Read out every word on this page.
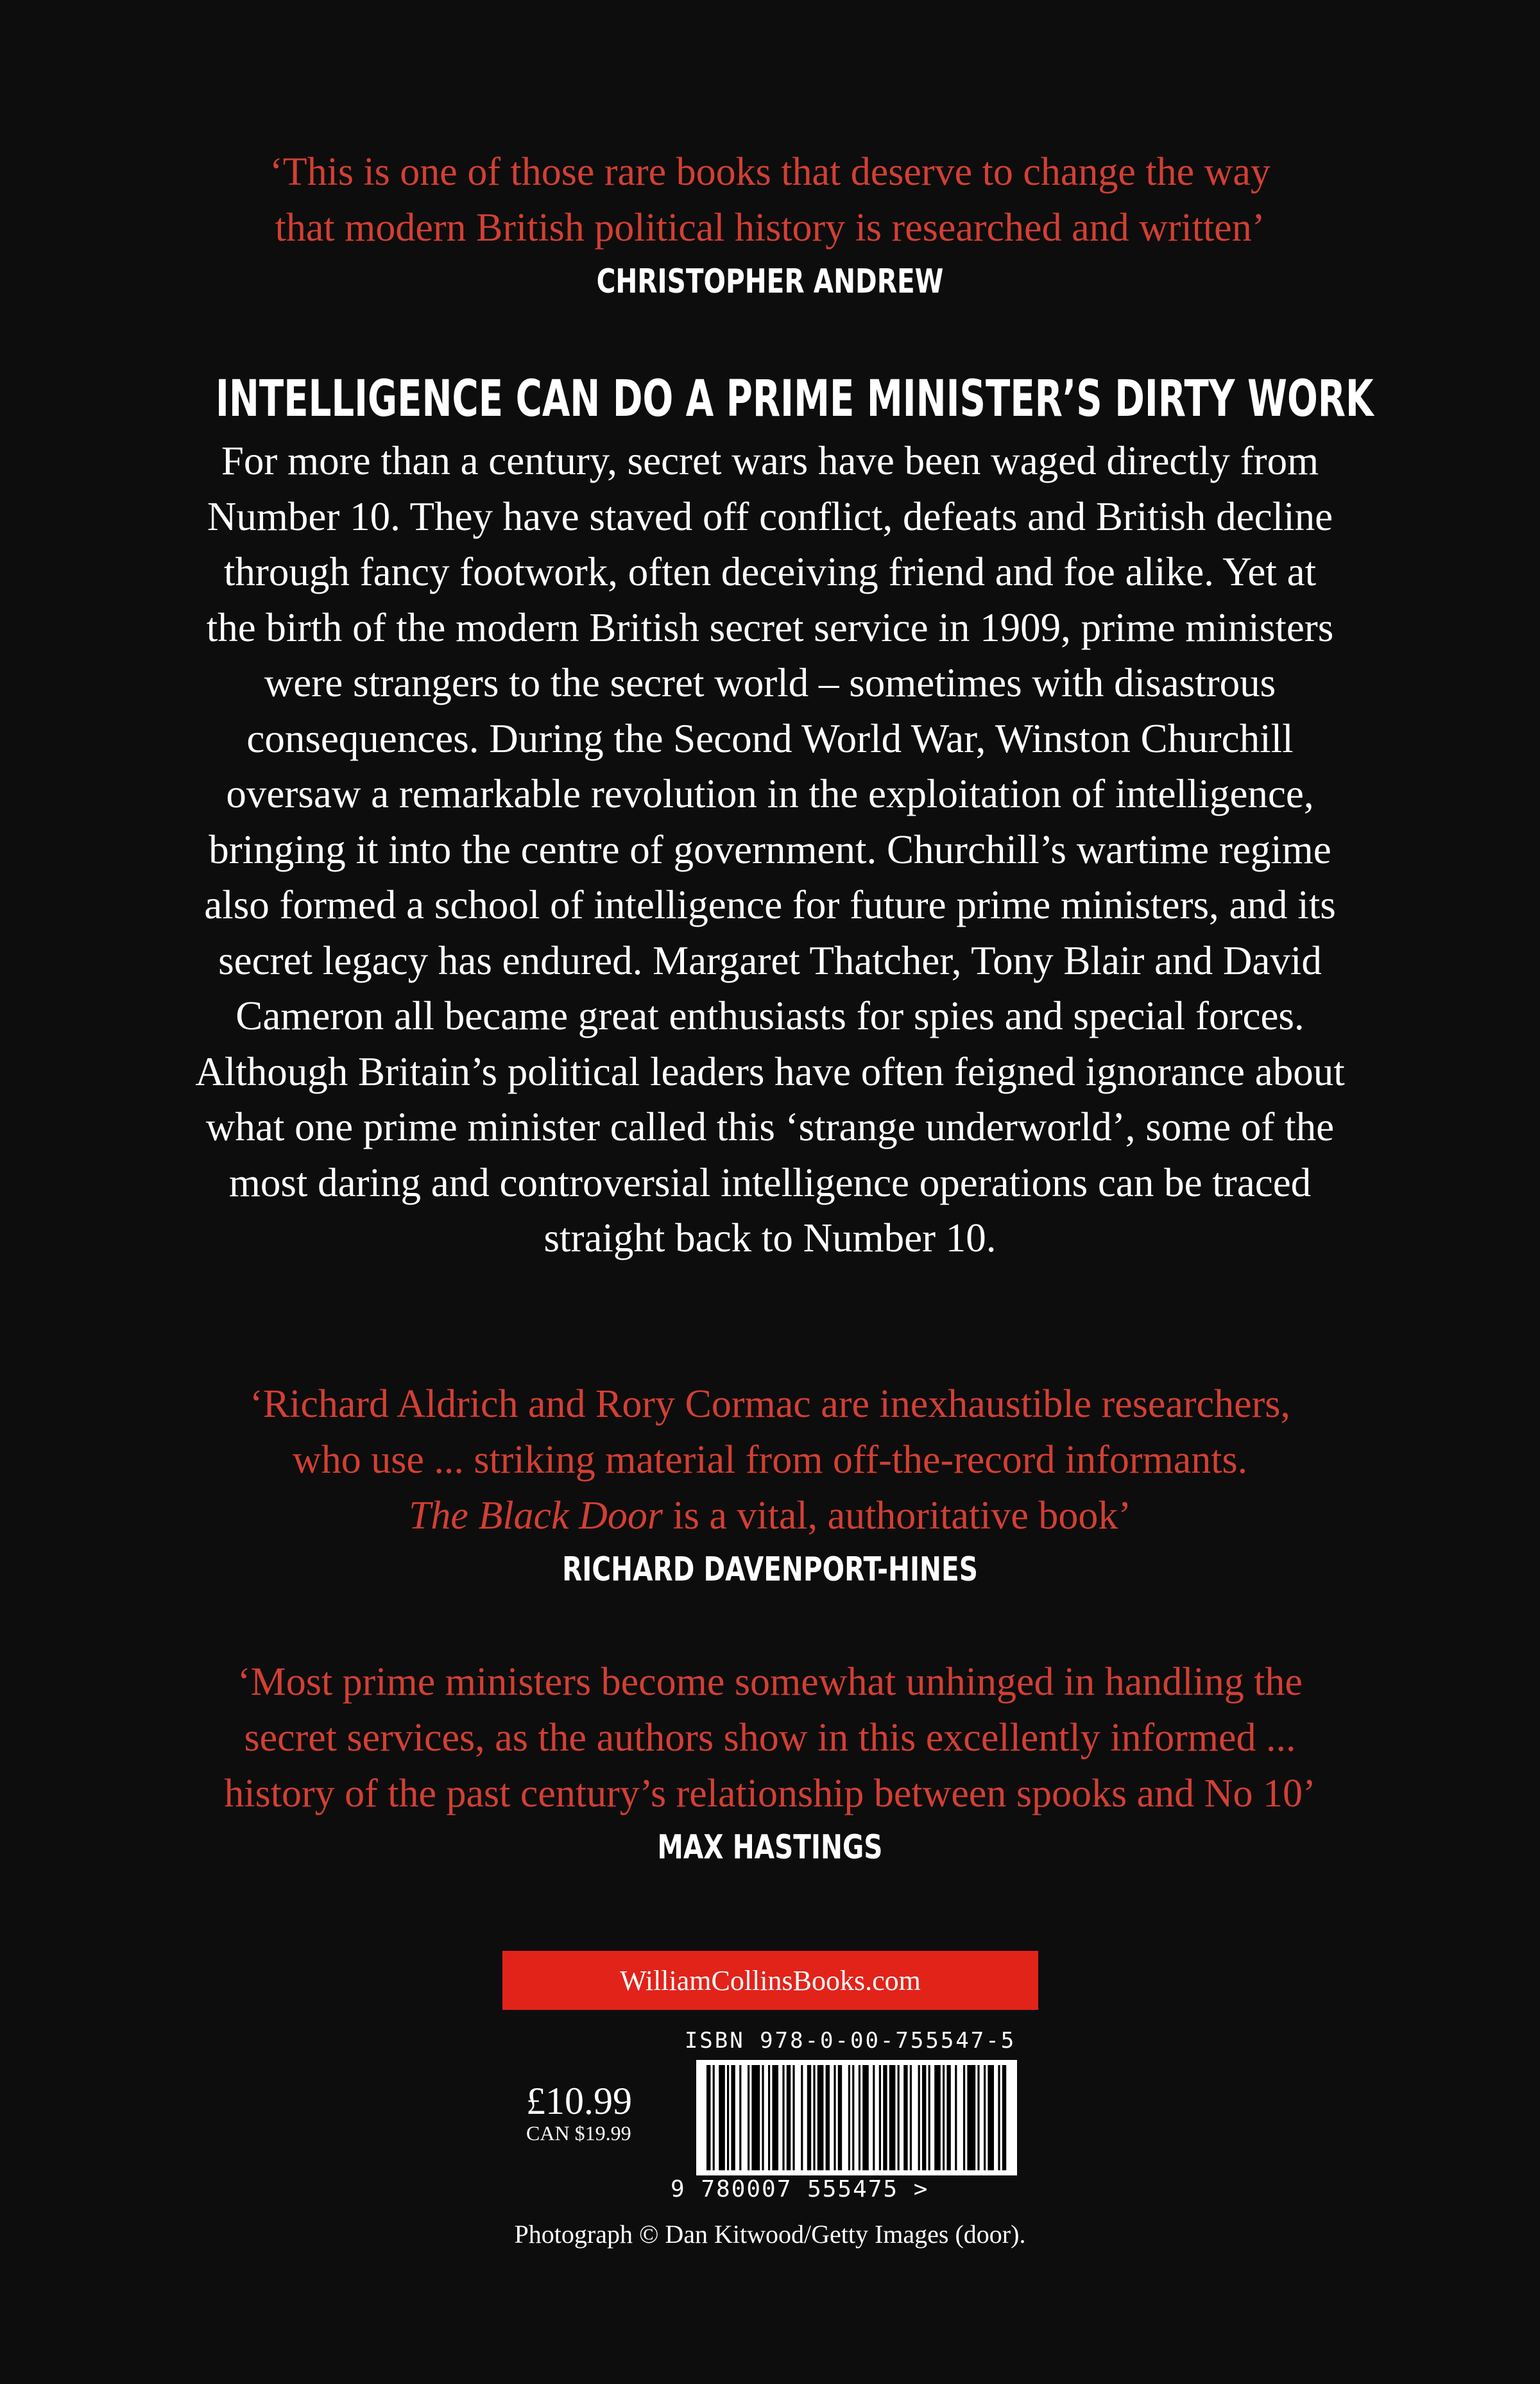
‘This is one of those rare books that deserve to change the way

that modern British political history is researched and written’

CHRISTOPHER ANDREW
INTELLIGENCE CAN DO A PRIME MINISTER’S DIRTY WORK

For more than a century, secret wars have been waged directly from

Number 10. They have staved off conflict, defeats and British decline

through fancy footwork, often deceiving friend and foe alike. Yet at

the birth of the modern British secret service in 1909, prime ministers

were strangers to the secret world – sometimes with disastrous

consequences. During the Second World War, Winston Churchill

oversaw a remarkable revolution in the exploitation of intelligence,

bringing it into the centre of government. Churchill’s wartime regime

also formed a school of intelligence for future prime ministers, and its

secret legacy has endured. Margaret Thatcher, Tony Blair and David

Cameron all became great enthusiasts for spies and special forces.

Although Britain’s political leaders have often feigned ignorance about

what one prime minister called this ‘strange underworld’, some of the

most daring and controversial intelligence operations can be traced

straight back to Number 10.

‘Richard Aldrich and Rory Cormac are inexhaustible researchers,

who use ... striking material from off-the-record informants.

The Black Door is a vital, authoritative book’

RICHARD DAVENPORT-HINES

‘Most prime ministers become somewhat unhinged in handling the

secret services, as the authors show in this excellently informed ...

history of the past century’s relationship between spooks and No 10’

MAX HASTINGS
WilliamCollinsBooks.com
£10.99
CAN $19.99
ISBN 978-0-00-755547-5
9 780007 555475 >
Photograph © Dan Kitwood/Getty Images (door).
